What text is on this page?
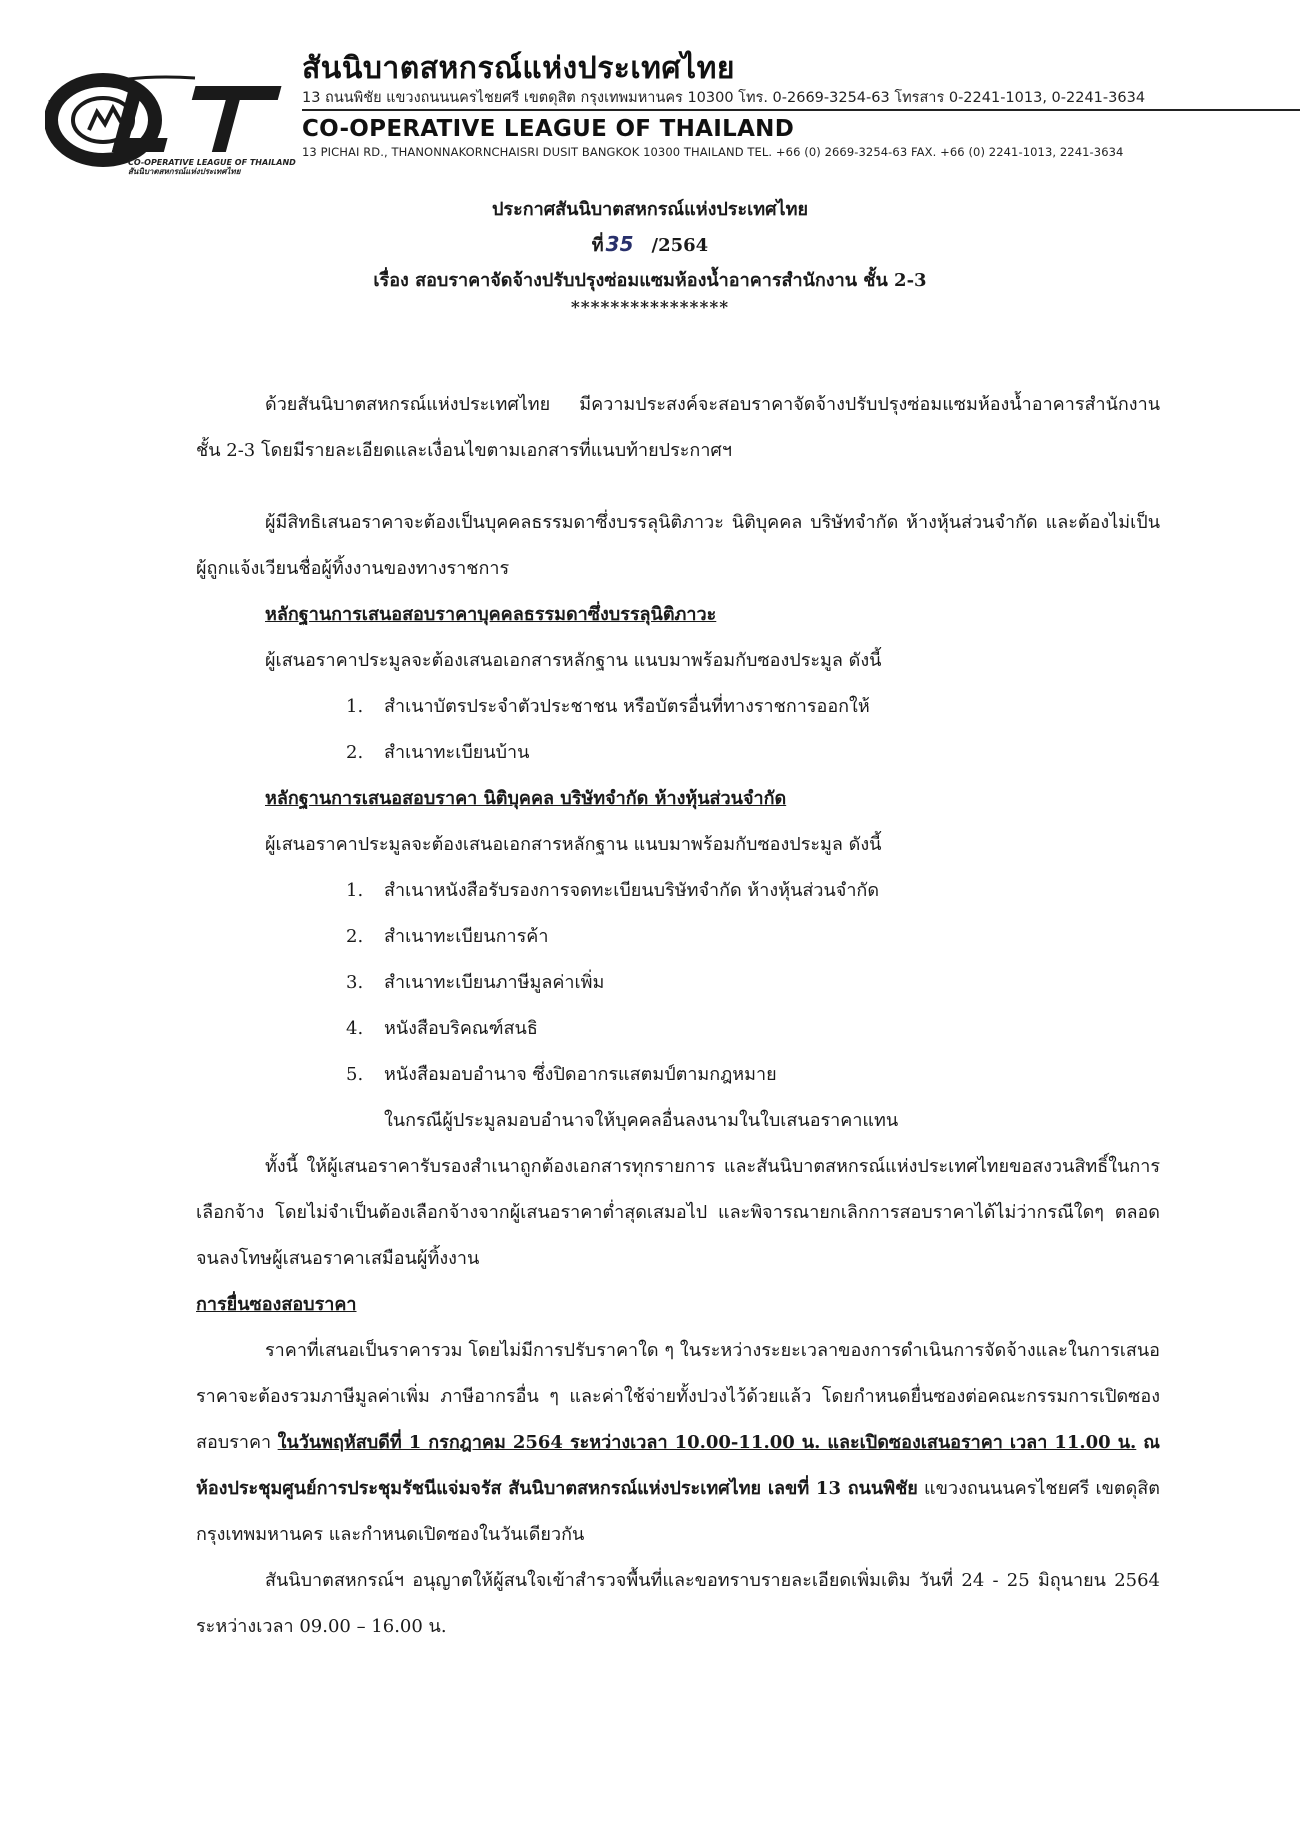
CO-OPERATIVE LEAGUE OF THAILAND
สันนิบาตสหกรณ์แห่งประเทศไทย
สันนิบาตสหกรณ์แห่งประเทศไทย
13 ถนนพิชัย แขวงถนนนครไชยศรี เขตดุสิต กรุงเทพมหานคร 10300 โทร. 0-2669-3254-63 โทรสาร 0-2241-1013, 0-2241-3634
CO-OPERATIVE LEAGUE OF THAILAND
13 PICHAI RD., THANONNAKORNCHAISRI DUSIT BANGKOK 10300 THAILAND TEL. +66 (0) 2669-3254-63 FAX. +66 (0) 2241-1013, 2241-3634
ประกาศสันนิบาตสหกรณ์แห่งประเทศไทย
ที่ 35 /2564
เรื่อง สอบราคาจัดจ้างปรับปรุงซ่อมแซมห้องน้ำอาคารสำนักงาน ชั้น 2-3
****************
ด้วยสันนิบาตสหกรณ์แห่งประเทศไทย มีความประสงค์จะสอบราคาจัดจ้างปรับปรุงซ่อมแซมห้องน้ำอาคารสำนักงาน ชั้น 2-3 โดยมีรายละเอียดและเงื่อนไขตามเอกสารที่แนบท้ายประกาศฯ
ผู้มีสิทธิเสนอราคาจะต้องเป็นบุคคลธรรมดาซึ่งบรรลุนิติภาวะ นิติบุคคล บริษัทจำกัด ห้างหุ้นส่วนจำกัด และต้องไม่เป็นผู้ถูกแจ้งเวียนชื่อผู้ทิ้งงานของทางราชการ
หลักฐานการเสนอสอบราคาบุคคลธรรมดาซึ่งบรรลุนิติภาวะ
ผู้เสนอราคาประมูลจะต้องเสนอเอกสารหลักฐาน แนบมาพร้อมกับซองประมูล ดังนี้
1.	สำเนาบัตรประจำตัวประชาชน หรือบัตรอื่นที่ทางราชการออกให้
2.	สำเนาทะเบียนบ้าน
หลักฐานการเสนอสอบราคา นิติบุคคล บริษัทจำกัด ห้างหุ้นส่วนจำกัด
ผู้เสนอราคาประมูลจะต้องเสนอเอกสารหลักฐาน แนบมาพร้อมกับซองประมูล ดังนี้
1.	สำเนาหนังสือรับรองการจดทะเบียนบริษัทจำกัด ห้างหุ้นส่วนจำกัด
2.	สำเนาทะเบียนการค้า
3.	สำเนาทะเบียนภาษีมูลค่าเพิ่ม
4.	หนังสือบริคณฑ์สนธิ
5.	หนังสือมอบอำนาจ ซึ่งปิดอากรแสตมป์ตามกฎหมาย
ในกรณีผู้ประมูลมอบอำนาจให้บุคคลอื่นลงนามในใบเสนอราคาแทน
ทั้งนี้ ให้ผู้เสนอราคารับรองสำเนาถูกต้องเอกสารทุกรายการ และสันนิบาตสหกรณ์แห่งประเทศไทยขอสงวนสิทธิ์ในการเลือกจ้าง โดยไม่จำเป็นต้องเลือกจ้างจากผู้เสนอราคาต่ำสุดเสมอไป และพิจารณายกเลิกการสอบราคาได้ไม่ว่ากรณีใดๆ ตลอดจนลงโทษผู้เสนอราคาเสมือนผู้ทิ้งงาน
การยื่นซองสอบราคา
ราคาที่เสนอเป็นราคารวม โดยไม่มีการปรับราคาใด ๆ ในระหว่างระยะเวลาของการดำเนินการจัดจ้างและในการเสนอราคาจะต้องรวมภาษีมูลค่าเพิ่ม ภาษีอากรอื่น ๆ และค่าใช้จ่ายทั้งปวงไว้ด้วยแล้ว โดยกำหนดยื่นซองต่อคณะกรรมการเปิดซองสอบราคา ในวันพฤหัสบดีที่ 1 กรกฎาคม 2564 ระหว่างเวลา 10.00-11.00 น. และเปิดซองเสนอราคา เวลา 11.00 น. ณ ห้องประชุมศูนย์การประชุมรัชนีแจ่มจรัส สันนิบาตสหกรณ์แห่งประเทศไทย เลขที่ 13 ถนนพิชัย แขวงถนนนครไชยศรี เขตดุสิต กรุงเทพมหานคร และกำหนดเปิดซองในวันเดียวกัน
สันนิบาตสหกรณ์ฯ อนุญาตให้ผู้สนใจเข้าสำรวจพื้นที่และขอทราบรายละเอียดเพิ่มเติม วันที่ 24 - 25 มิถุนายน 2564 ระหว่างเวลา 09.00 – 16.00 น.
